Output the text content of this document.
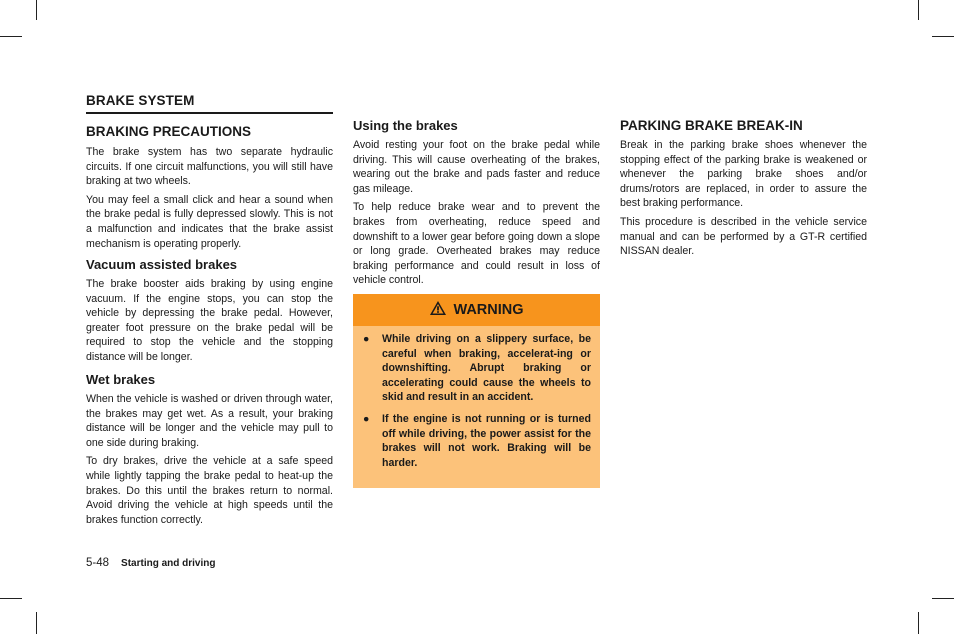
BRAKE SYSTEM
BRAKING PRECAUTIONS

The brake system has two separate hydraulic circuits. If one circuit malfunctions, you will still have braking at two wheels.

You may feel a small click and hear a sound when the brake pedal is fully depressed slowly. This is not a malfunction and indicates that the brake assist mechanism is operating properly.

Vacuum assisted brakes

The brake booster aids braking by using engine vacuum. If the engine stops, you can stop the vehicle by depressing the brake pedal. However, greater foot pressure on the brake pedal will be required to stop the vehicle and the stopping distance will be longer.

Wet brakes

When the vehicle is washed or driven through water, the brakes may get wet. As a result, your braking distance will be longer and the vehicle may pull to one side during braking.

To dry brakes, drive the vehicle at a safe speed while lightly tapping the brake pedal to heat-up the brakes. Do this until the brakes return to normal. Avoid driving the vehicle at high speeds until the brakes function correctly.

Using the brakes

Avoid resting your foot on the brake pedal while driving. This will cause overheating of the brakes, wearing out the brake and pads faster and reduce gas mileage.

To help reduce brake wear and to prevent the brakes from overheating, reduce speed and downshift to a lower gear before going down a slope or long grade. Overheated brakes may reduce braking performance and could result in loss of vehicle control.

WARNING
● While driving on a slippery surface, be careful when braking, accelerat-ing or downshifting. Abrupt braking or accelerating could cause the wheels to skid and result in an accident.
● If the engine is not running or is turned off while driving, the power assist for the brakes will not work. Braking will be harder.
PARKING BRAKE BREAK-IN

Break in the parking brake shoes whenever the stopping effect of the parking brake is weakened or whenever the parking brake shoes and/or drums/rotors are replaced, in order to assure the best braking performance.

This procedure is described in the vehicle service manual and can be performed by a GT-R certified NISSAN dealer.

5-48 Starting and driving
